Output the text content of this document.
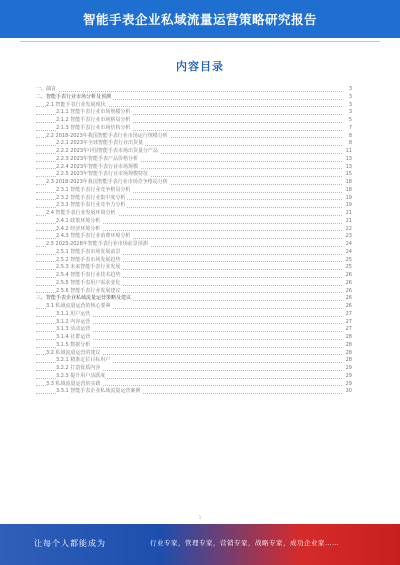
智能手表企业私域流量运营策略研究报告
内容目录
一、前言	3
二、智能手表行业市场分析及预测	3
2.1 智能手表行业发展现状	3
2.1.1 智能手表行业市场规模分析	3
2.1.2 智能手表行业市场格局分析	5
2.1.3 智能手表行业市场结构分析	7
2.2 2018-2023年我国智能手表行业市场运行规模分析	8
2.2.1 2023年全球智能手表行业出货量	8
2.2.2 2023年中国智能手表市场出货量分产品	11
2.2.3 2023年智能手表产品价格分析	13
2.2.4 2023年智能手表行业市场规模	13
2.2.5 2023年智能手表行业市场规模特征	15
2.3 2018-2023年我国智能手表行业市场竞争格局分析	18
2.3.1 智能手表行业竞争格局分析	18
2.3.2 智能手表行业集中度分析	19
2.3.3 智能手表行业竞争力分析	19
2.4 智能手表行业发展环境分析	21
2.4.1 政策环境分析	21
2.4.2 经济环境分析	22
2.4.3 智能手表行业消费环境分析	23
2.5 2023-2028年智能手表行业市场前景预测	24
2.5.1 智能手表市场发展前景	24
2.5.2 智能手表市场发展趋势	25
2.5.3 未来智能手表行业发展	25
2.5.4 智能手表行业技术趋势	26
2.5.5 智能手表用户需求变化	26
2.5.6 智能手表行业发展建议	26
三、智能手表企业私域流量运营策略及建议	26
3.1 私域流量运营的核心要素	26
3.1.1 用户运营	27
3.1.2 内容运营	27
3.1.3 活动运营	27
3.1.4 社群运营	28
3.1.5 数据分析	28
3.2 私域流量运营的建议	28
3.2.1 精准定位目标用户	28
3.2.2 打造优质内容	29
3.2.3 提升用户活跃度	29
3.3 私域流量运营的实践	29
3.3.1 智能手表企业私域流量运营案例	30
1
让每个人都能成为	行业专家，管理专家，营销专家，战略专家，成功企业家……
